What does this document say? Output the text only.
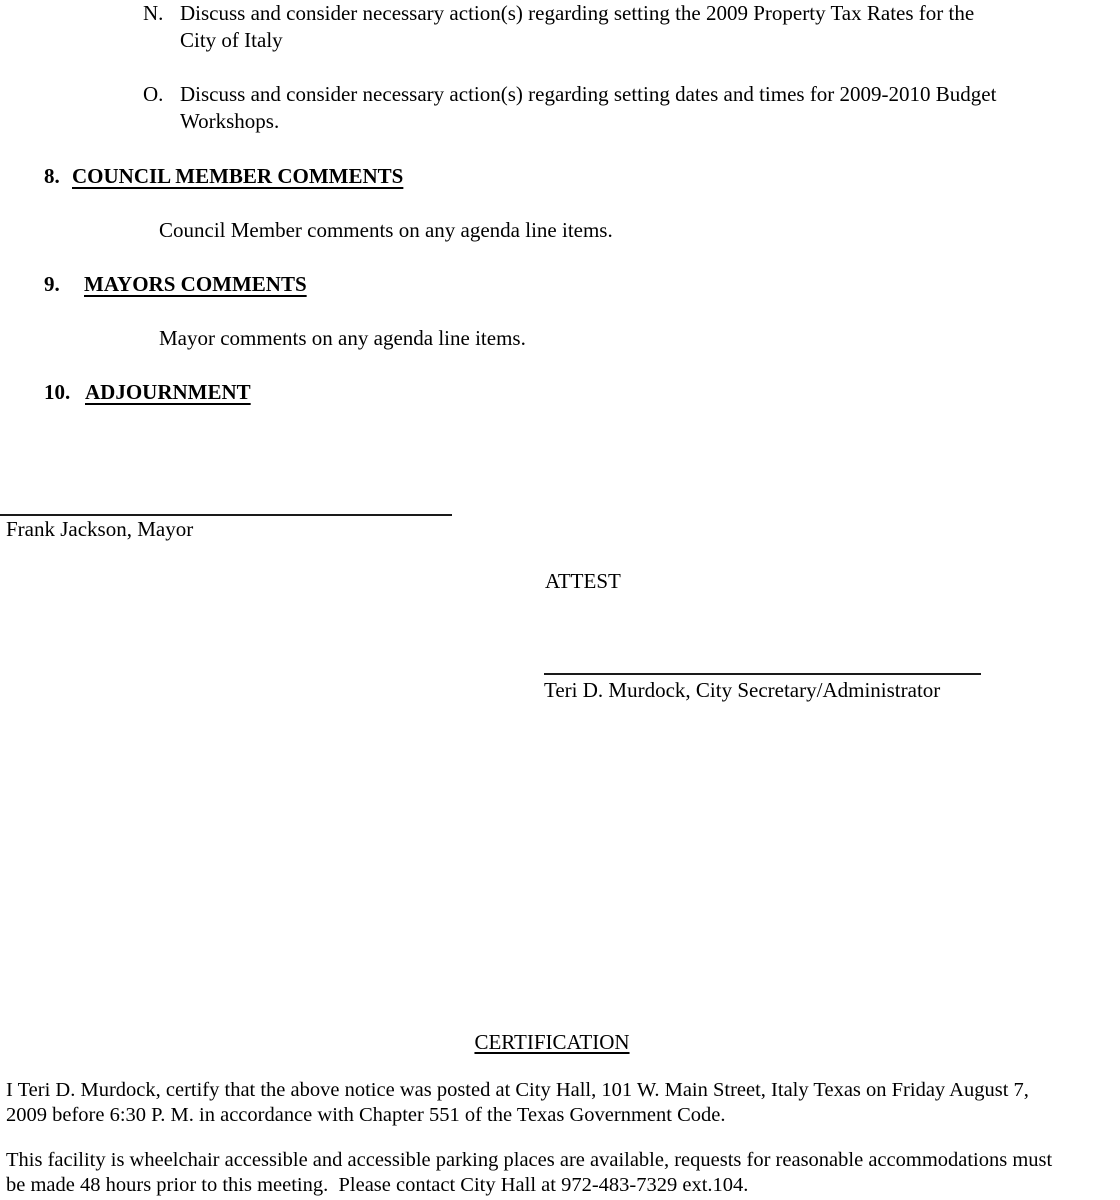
N. Discuss and consider necessary action(s) regarding setting the 2009 Property Tax Rates for the
City of Italy
O. Discuss and consider necessary action(s) regarding setting dates and times for 2009-2010 Budget
Workshops.
8. COUNCIL MEMBER COMMENTS
Council Member comments on any agenda line items.
9.	MAYORS COMMENTS
Mayor comments on any agenda line items.
10. ADJOURNMENT
Frank Jackson, Mayor
ATTEST
Teri D. Murdock, City Secretary/Administrator
CERTIFICATION
I Teri D. Murdock, certify that the above notice was posted at City Hall, 101 W. Main Street, Italy Texas on Friday August 7,
2009 before 6:30 P. M. in accordance with Chapter 551 of the Texas Government Code.
This facility is wheelchair accessible and accessible parking places are available, requests for reasonable accommodations must
be made 48 hours prior to this meeting.  Please contact City Hall at 972-483-7329 ext.104.
